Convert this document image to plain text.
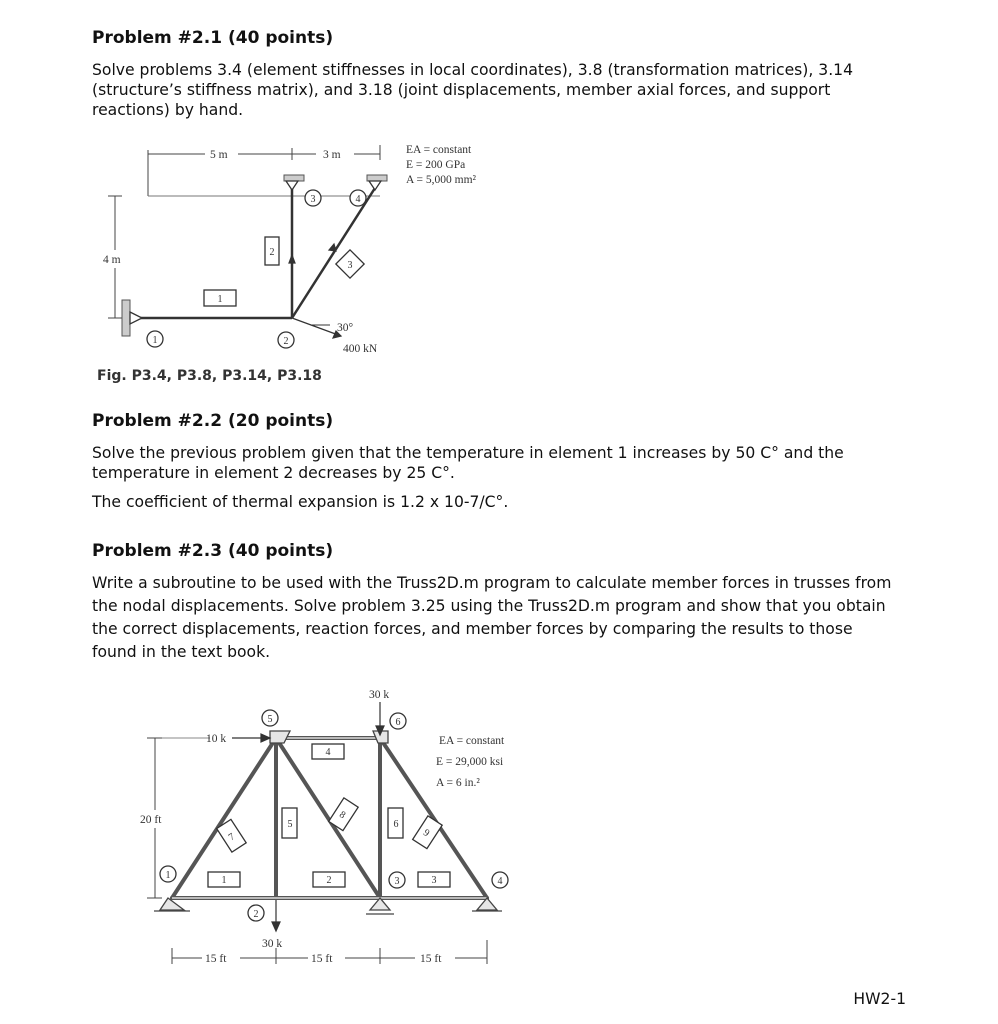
Problem #2.1 (40 points)

Solve problems 3.4 (element stiffnesses in local coordinates), 3.8 (transformation matrices), 3.14 (structure’s stiffness matrix), and 3.18 (joint displacements, member axial forces, and support reactions) by hand.

5 m	3 m
4 m
EA = constant
E = 200 GPa
A = 5,000 mm²
400 kN
30°
1	2
3	4
1
2
3

Fig. P3.4, P3.8, P3.14, P3.18

Problem #2.2 (20 points)

Solve the previous problem given that the temperature in element 1 increases by 50 C° and the temperature in element 2 decreases by 25 C°.

The coefficient of thermal expansion is 1.2 x 10-7/C°.

Problem #2.3 (40 points)

Write a subroutine to be used with the Truss2D.m program to calculate member forces in trusses from the nodal displacements. Solve problem 3.25 using the Truss2D.m program and show that you obtain the correct displacements, reaction forces, and member forces by comparing the results to those found in the text book.

20 ft
15 ft	15 ft	15 ft
EA = constant
E = 29,000 ksi
A = 6 in.²
30 k
10 k
30 k
1
2
3	4
5	6
1	2	3
4
5	6
7
8
9

HW2-1
